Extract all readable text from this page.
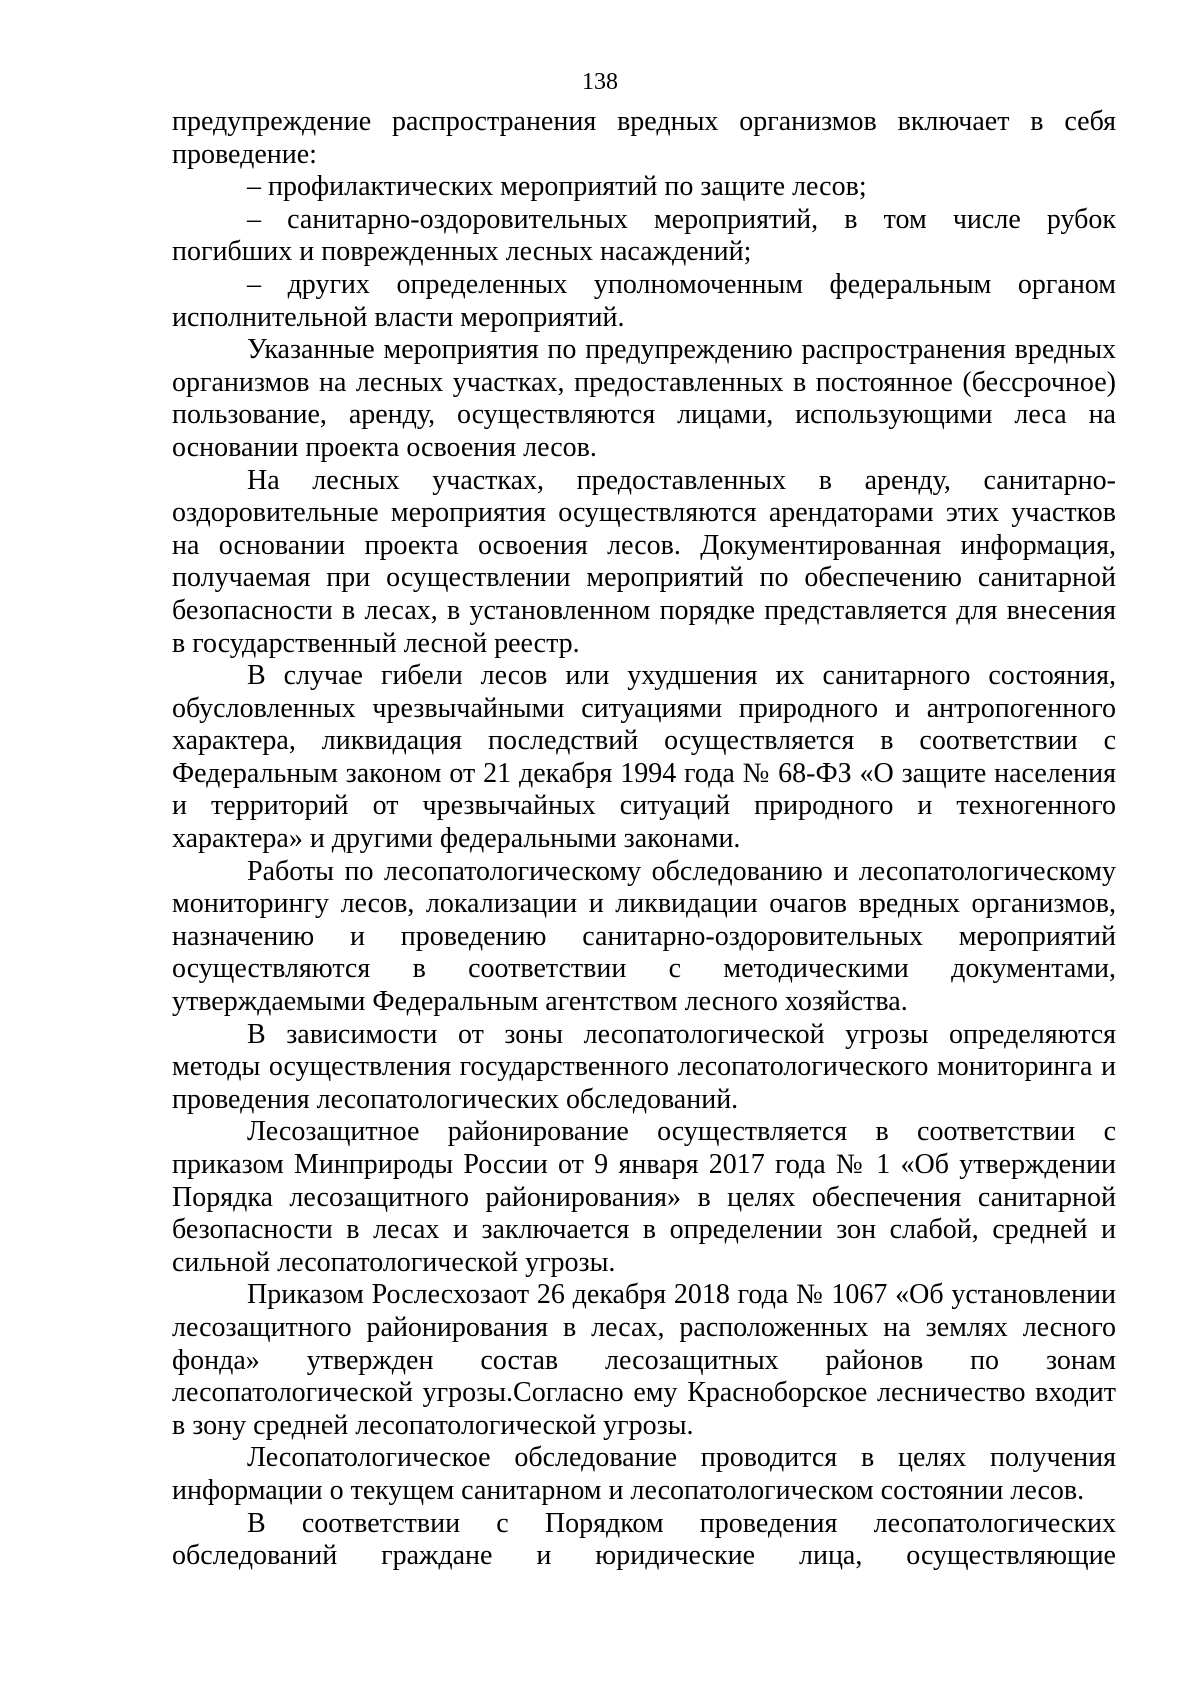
138

предупреждение распространения вредных организмов включает в себя проведение:

– профилактических мероприятий по защите лесов;

– санитарно-оздоровительных мероприятий, в том числе рубок погибших и поврежденных лесных насаждений;

– других определенных уполномоченным федеральным органом исполнительной власти мероприятий.

Указанные мероприятия по предупреждению распространения вредных организмов на лесных участках, предоставленных в постоянное (бессрочное) пользование, аренду, осуществляются лицами, использующими леса на основании проекта освоения лесов.

На лесных участках, предоставленных в аренду, санитарно-оздоровительные мероприятия осуществляются арендаторами этих участков на основании проекта освоения лесов. Документированная информация, получаемая при осуществлении мероприятий по обеспечению санитарной безопасности в лесах, в установленном порядке представляется для внесения в государственный лесной реестр.

В случае гибели лесов или ухудшения их санитарного состояния, обусловленных чрезвычайными ситуациями природного и антропогенного характера, ликвидация последствий осуществляется в соответствии с Федеральным законом от 21 декабря 1994 года № 68-ФЗ «О защите населения и территорий от чрезвычайных ситуаций природного и техногенного характера» и другими федеральными законами.

Работы по лесопатологическому обследованию и лесопатологическому мониторингу лесов, локализации и ликвидации очагов вредных организмов, назначению и проведению санитарно-оздоровительных мероприятий осуществляются в соответствии с методическими документами, утверждаемыми Федеральным агентством лесного хозяйства.

В зависимости от зоны лесопатологической угрозы определяются методы осуществления государственного лесопатологического мониторинга и проведения лесопатологических обследований.

Лесозащитное районирование осуществляется в соответствии с приказом Минприроды России от 9 января 2017 года № 1 «Об утверждении Порядка лесозащитного районирования» в целях обеспечения санитарной безопасности в лесах и заключается в определении зон слабой, средней и сильной лесопатологической угрозы.

Приказом Рослесхозаот 26 декабря 2018 года № 1067 «Об установлении лесозащитного районирования в лесах, расположенных на землях лесного фонда» утвержден состав лесозащитных районов по зонам лесопатологической угрозы.Согласно ему Красноборское лесничество входит в зону средней лесопатологической угрозы.

Лесопатологическое обследование проводится в целях получения информации о текущем санитарном и лесопатологическом состоянии лесов.

В соответствии с Порядком проведения лесопатологических обследований граждане и юридические лица, осуществляющие
